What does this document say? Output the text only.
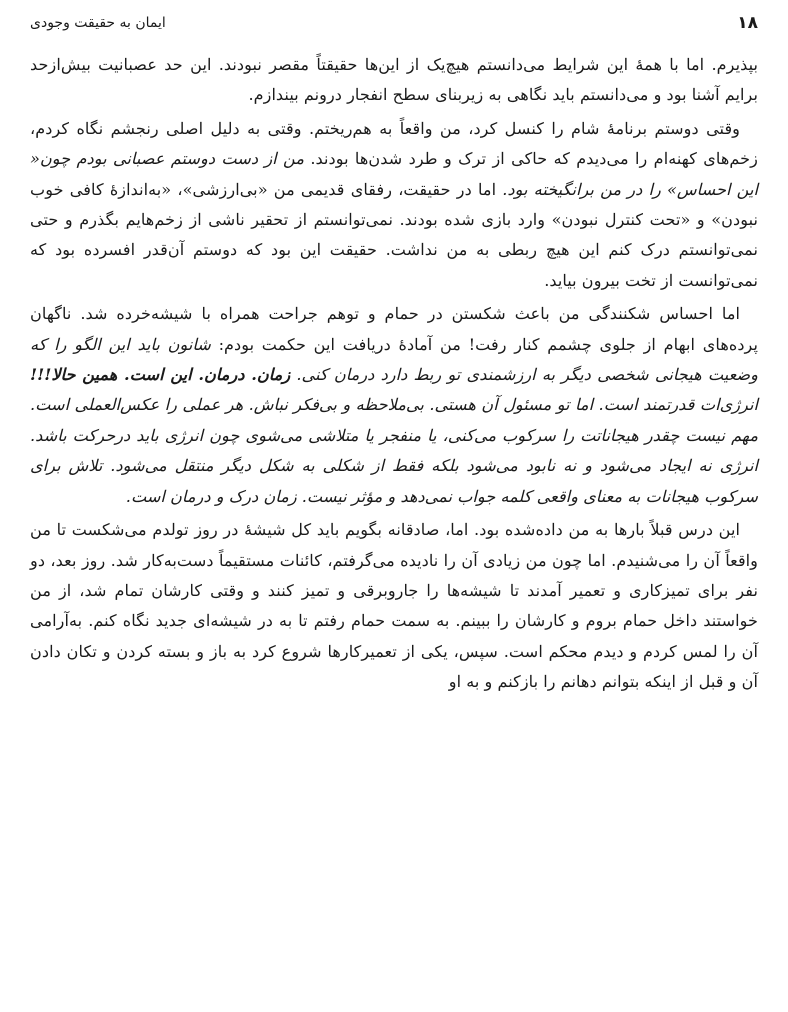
۱۸
ایمان به حقیقت وجودی

بپذیرم. اما با همهٔ این شرایط می‌دانستم هیچ‌یک از این‌ها حقیقتاً مقصر نبودند. این حد عصبانیت بیش‌ازحد برایم آشنا بود و می‌دانستم باید نگاهی به زیربنای سطح انفجار درونم بیندازم.

وقتی دوستم برنامهٔ شام را کنسل کرد، من واقعاً به هم‌ریختم. وقتی به دلیل اصلی رنجشم نگاه کردم، زخم‌های کهنه‌ام را می‌دیدم که حاکی از ترک و طرد شدن‌ها بودند. من از دست دوستم عصبانی بودم چون« این احساس» را در من برانگیخته بود. اما در حقیقت، رفقای قدیمی من «بی‌ارزشی»، «به‌اندازهٔ کافی خوب نبودن» و «تحت کنترل نبودن» وارد بازی شده بودند. نمی‌توانستم از تحقیر ناشی از زخم‌هایم بگذرم و حتی نمی‌توانستم درک کنم این هیچ ربطی به من نداشت. حقیقت این بود که دوستم آن‌قدر افسرده بود که نمی‌توانست از تخت بیرون بیاید.

اما احساس شکنندگی من باعث شکستن در حمام و توهم جراحت همراه با شیشه‌خرده شد. ناگهان پرده‌های ابهام از جلوی چشمم کنار رفت! من آمادهٔ دریافت این حکمت بودم: شانون باید این الگو را که وضعیت هیجانی شخصی دیگر به ارزشمندی تو ربط دارد درمان کنی. زمان. درمان. این است. همین حالا!!! انرژی‌ات قدرتمند است. اما تو مسئول آن هستی. بی‌ملاحظه و بی‌فکر نباش. هر عملی را عکس‌العملی است. مهم نیست چقدر هیجاناتت را سرکوب می‌کنی، یا منفجر یا متلاشی می‌شوی چون انرژی باید درحرکت باشد. انرژی نه ایجاد می‌شود و نه نابود می‌شود بلکه فقط از شکلی به شکل دیگر منتقل می‌شود. تلاش برای سرکوب هیجانات به معنای واقعی کلمه جواب نمی‌دهد و مؤثر نیست. زمان درک و درمان است.

این درس قبلاً بارها به من داده‌شده بود. اما، صادقانه بگویم باید کل شیشهٔ در روز تولدم می‌شکست تا من واقعاً آن را می‌شنیدم. اما چون من زیادی آن را نادیده می‌گرفتم، کائنات مستقیماً دست‌به‌کار شد. روز بعد، دو نفر برای تمیزکاری و تعمیر آمدند تا شیشه‌ها را جاروبرقی و تمیز کنند و وقتی کارشان تمام شد، از من خواستند داخل حمام بروم و کارشان را ببینم. به سمت حمام رفتم تا به در شیشه‌ای جدید نگاه کنم. به‌آرامی آن را لمس کردم و دیدم محکم است. سپس، یکی از تعمیرکارها شروع کرد به باز و بسته کردن و تکان دادن آن و قبل از اینکه بتوانم دهانم را بازکنم و به او
